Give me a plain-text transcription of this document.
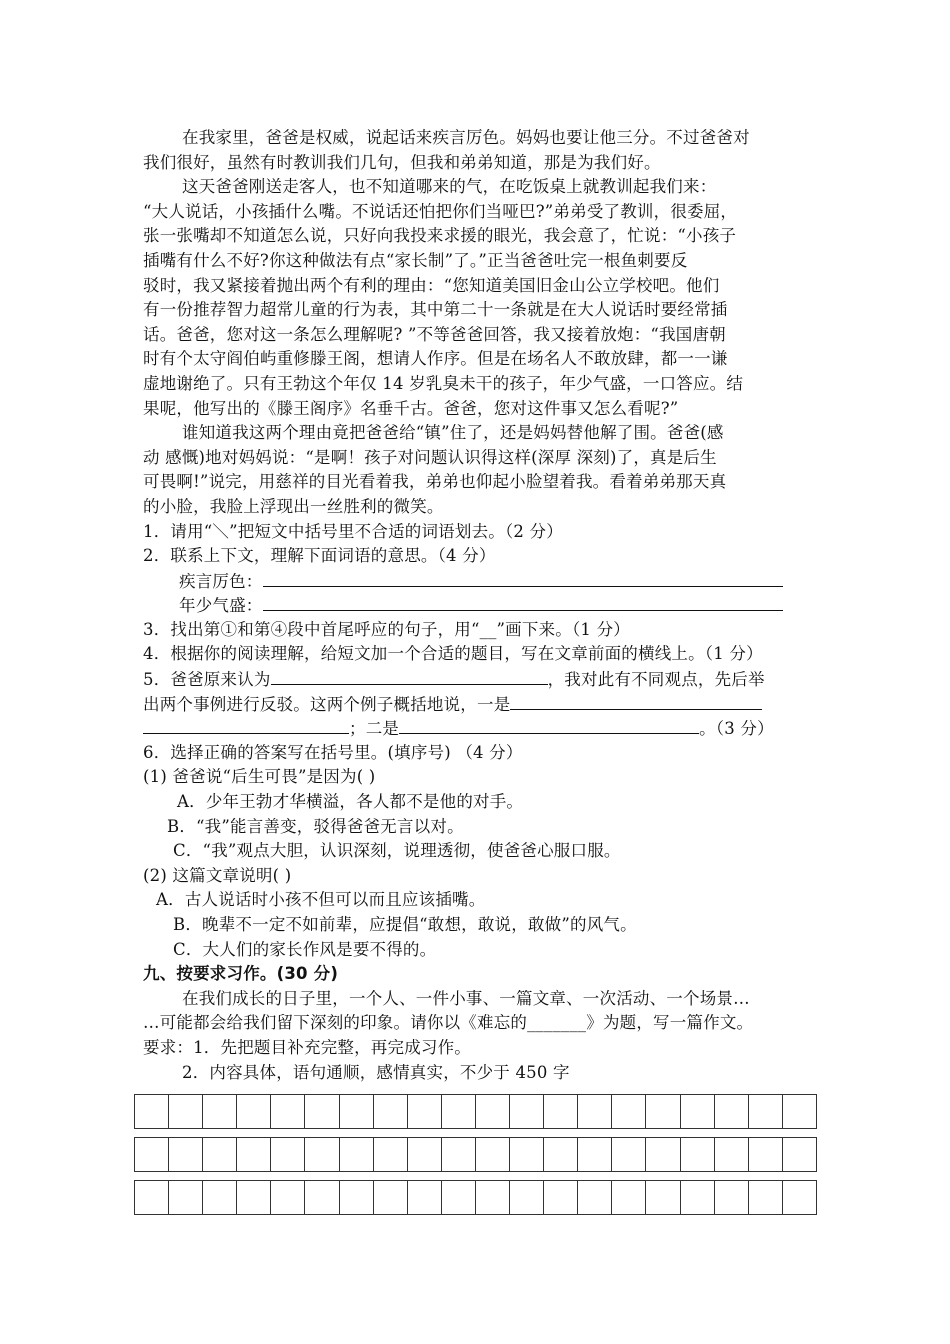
在我家里，爸爸是权威，说起话来疾言厉色。妈妈也要让他三分。不过爸爸对
我们很好，虽然有时教训我们几句，但我和弟弟知道，那是为我们好。
这天爸爸刚送走客人，也不知道哪来的气，在吃饭桌上就教训起我们来：
“大人说话，小孩插什么嘴。不说话还怕把你们当哑巴?”弟弟受了教训，很委屈，
张一张嘴却不知道怎么说，只好向我投来求援的眼光，我会意了，忙说：“小孩子
插嘴有什么不好?你这种做法有点“家长制”了。”正当爸爸吐完一根鱼刺要反
驳时，我又紧接着抛出两个有利的理由：“您知道美国旧金山公立学校吧。他们
有一份推荐智力超常儿童的行为表，其中第二十一条就是在大人说话时要经常插
话。爸爸，您对这一条怎么理解呢? ”不等爸爸回答，我又接着放炮：“我国唐朝
时有个太守阎伯屿重修滕王阁，想请人作序。但是在场名人不敢放肆，都一一谦
虚地谢绝了。只有王勃这个年仅 14 岁乳臭未干的孩子，年少气盛，一口答应。结
果呢，他写出的《滕王阁序》名垂千古。爸爸，您对这件事又怎么看呢?”
谁知道我这两个理由竟把爸爸给“镇”住了，还是妈妈替他解了围。爸爸(感
动 感慨)地对妈妈说：“是啊！孩子对问题认识得这样(深厚 深刻)了，真是后生
可畏啊!”说完，用慈祥的目光看着我，弟弟也仰起小脸望着我。看着弟弟那天真
的小脸，我脸上浮现出一丝胜利的微笑。
1．请用“＼”把短文中括号里不合适的词语划去。（2 分）
2．联系上下文，理解下面词语的意思。（4 分）
疾言厉色：
年少气盛：
3．找出第①和第④段中首尾呼应的句子，用“__”画下来。（1 分）
4．根据你的阅读理解，给短文加一个合适的题目，写在文章前面的横线上。（1 分）
5．爸爸原来认为	，我对此有不同观点，先后举
出两个事例进行反驳。这两个例子概括地说，一是
；二是	。（3 分）
6．选择正确的答案写在括号里。(填序号) （4 分）
(1) 爸爸说“后生可畏”是因为( )
A．少年王勃才华横溢，各人都不是他的对手。
B．“我”能言善变，驳得爸爸无言以对。
C．“我”观点大胆，认识深刻，说理透彻，使爸爸心服口服。
(2) 这篇文章说明( )
A．古人说话时小孩不但可以而且应该插嘴。
B．晚辈不一定不如前辈，应提倡“敢想，敢说，敢做”的风气。
C．大人们的家长作风是要不得的。
九、按要求习作。(30 分)
在我们成长的日子里，一个人、一件小事、一篇文章、一次活动、一个场景…
…可能都会给我们留下深刻的印象。请你以《难忘的_______》为题，写一篇作文。
要求：1．先把题目补充完整，再完成习作。
2．内容具体，语句通顺，感情真实，不少于 450 字
